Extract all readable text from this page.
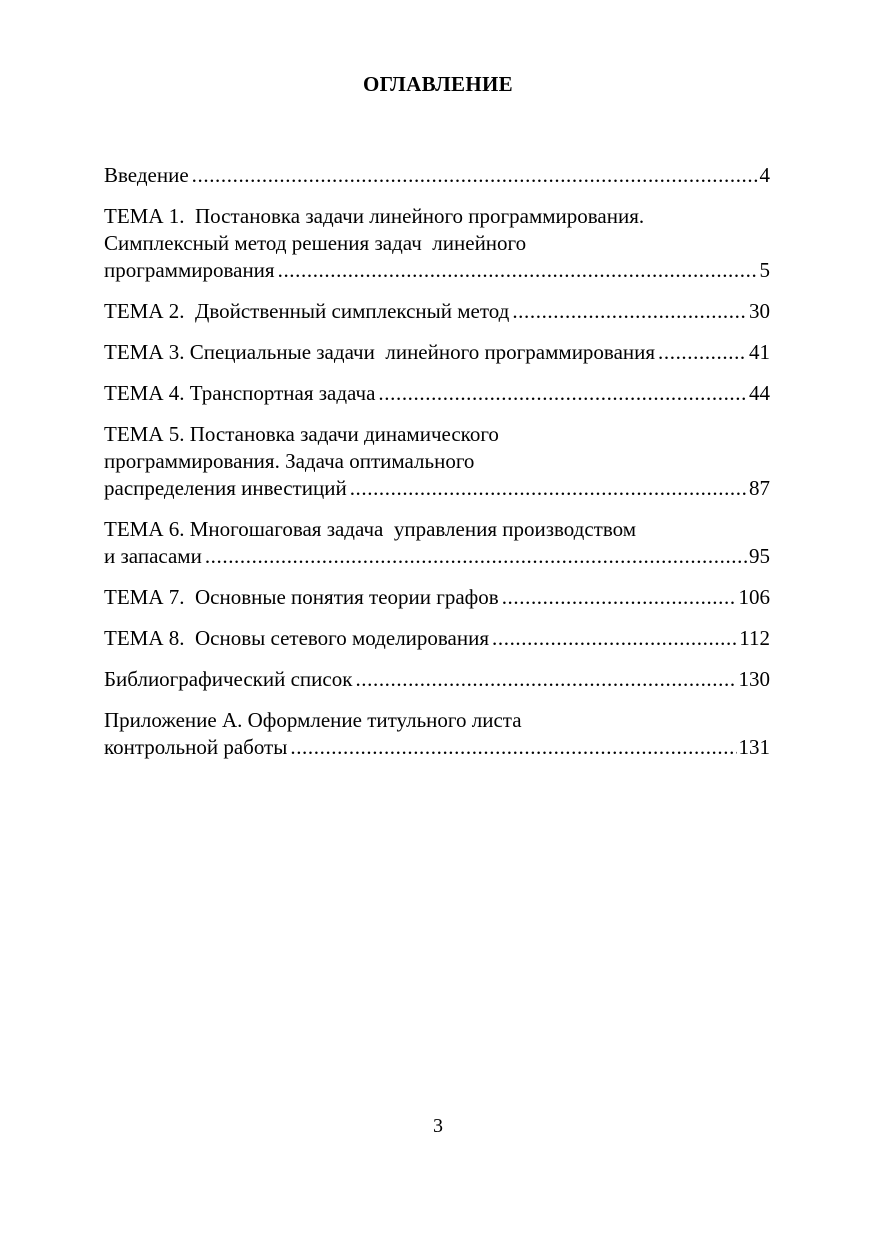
ОГЛАВЛЕНИЕ
Введение .....	4
ТЕМА 1.  Постановка задачи линейного программирования.
Симплексный метод решения задач  линейного
программирования .....	5
ТЕМА 2.  Двойственный симплексный метод .....	30
ТЕМА 3. Специальные задачи  линейного программирования .....	41
ТЕМА 4. Транспортная задача .....	44
ТЕМА 5. Постановка задачи динамического
программирования. Задача оптимального
распределения инвестиций .....	87
ТЕМА 6. Многошаговая задача  управления производством
и запасами .....	95
ТЕМА 7.  Основные понятия теории графов .....	106
ТЕМА 8.  Основы сетевого моделирования .....	112
Библиографический список .....	130
Приложение А. Оформление титульного листа
контрольной работы .....	131
3
